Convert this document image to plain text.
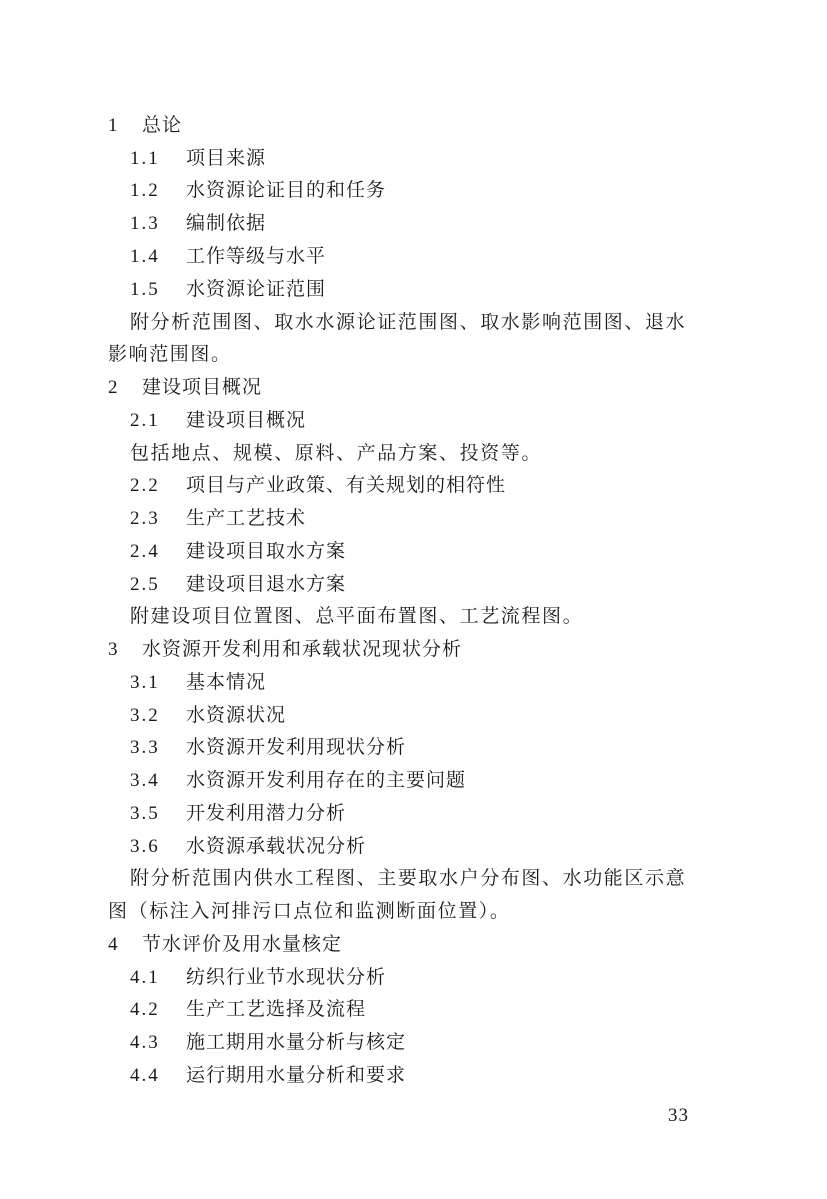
1 总论
1.1 项目来源
1.2 水资源论证目的和任务
1.3 编制依据
1.4 工作等级与水平
1.5 水资源论证范围
附分析范围图、取水水源论证范围图、取水影响范围图、退水
影响范围图。
2 建设项目概况
2.1 建设项目概况
包括地点、规模、原料、产品方案、投资等。
2.2 项目与产业政策、有关规划的相符性
2.3 生产工艺技术
2.4 建设项目取水方案
2.5 建设项目退水方案
附建设项目位置图、总平面布置图、工艺流程图。
3 水资源开发利用和承载状况现状分析
3.1 基本情况
3.2 水资源状况
3.3 水资源开发利用现状分析
3.4 水资源开发利用存在的主要问题
3.5 开发利用潜力分析
3.6 水资源承载状况分析
附分析范围内供水工程图、主要取水户分布图、水功能区示意
图（标注入河排污口点位和监测断面位置）。
4 节水评价及用水量核定
4.1 纺织行业节水现状分析
4.2 生产工艺选择及流程
4.3 施工期用水量分析与核定
4.4 运行期用水量分析和要求
33
